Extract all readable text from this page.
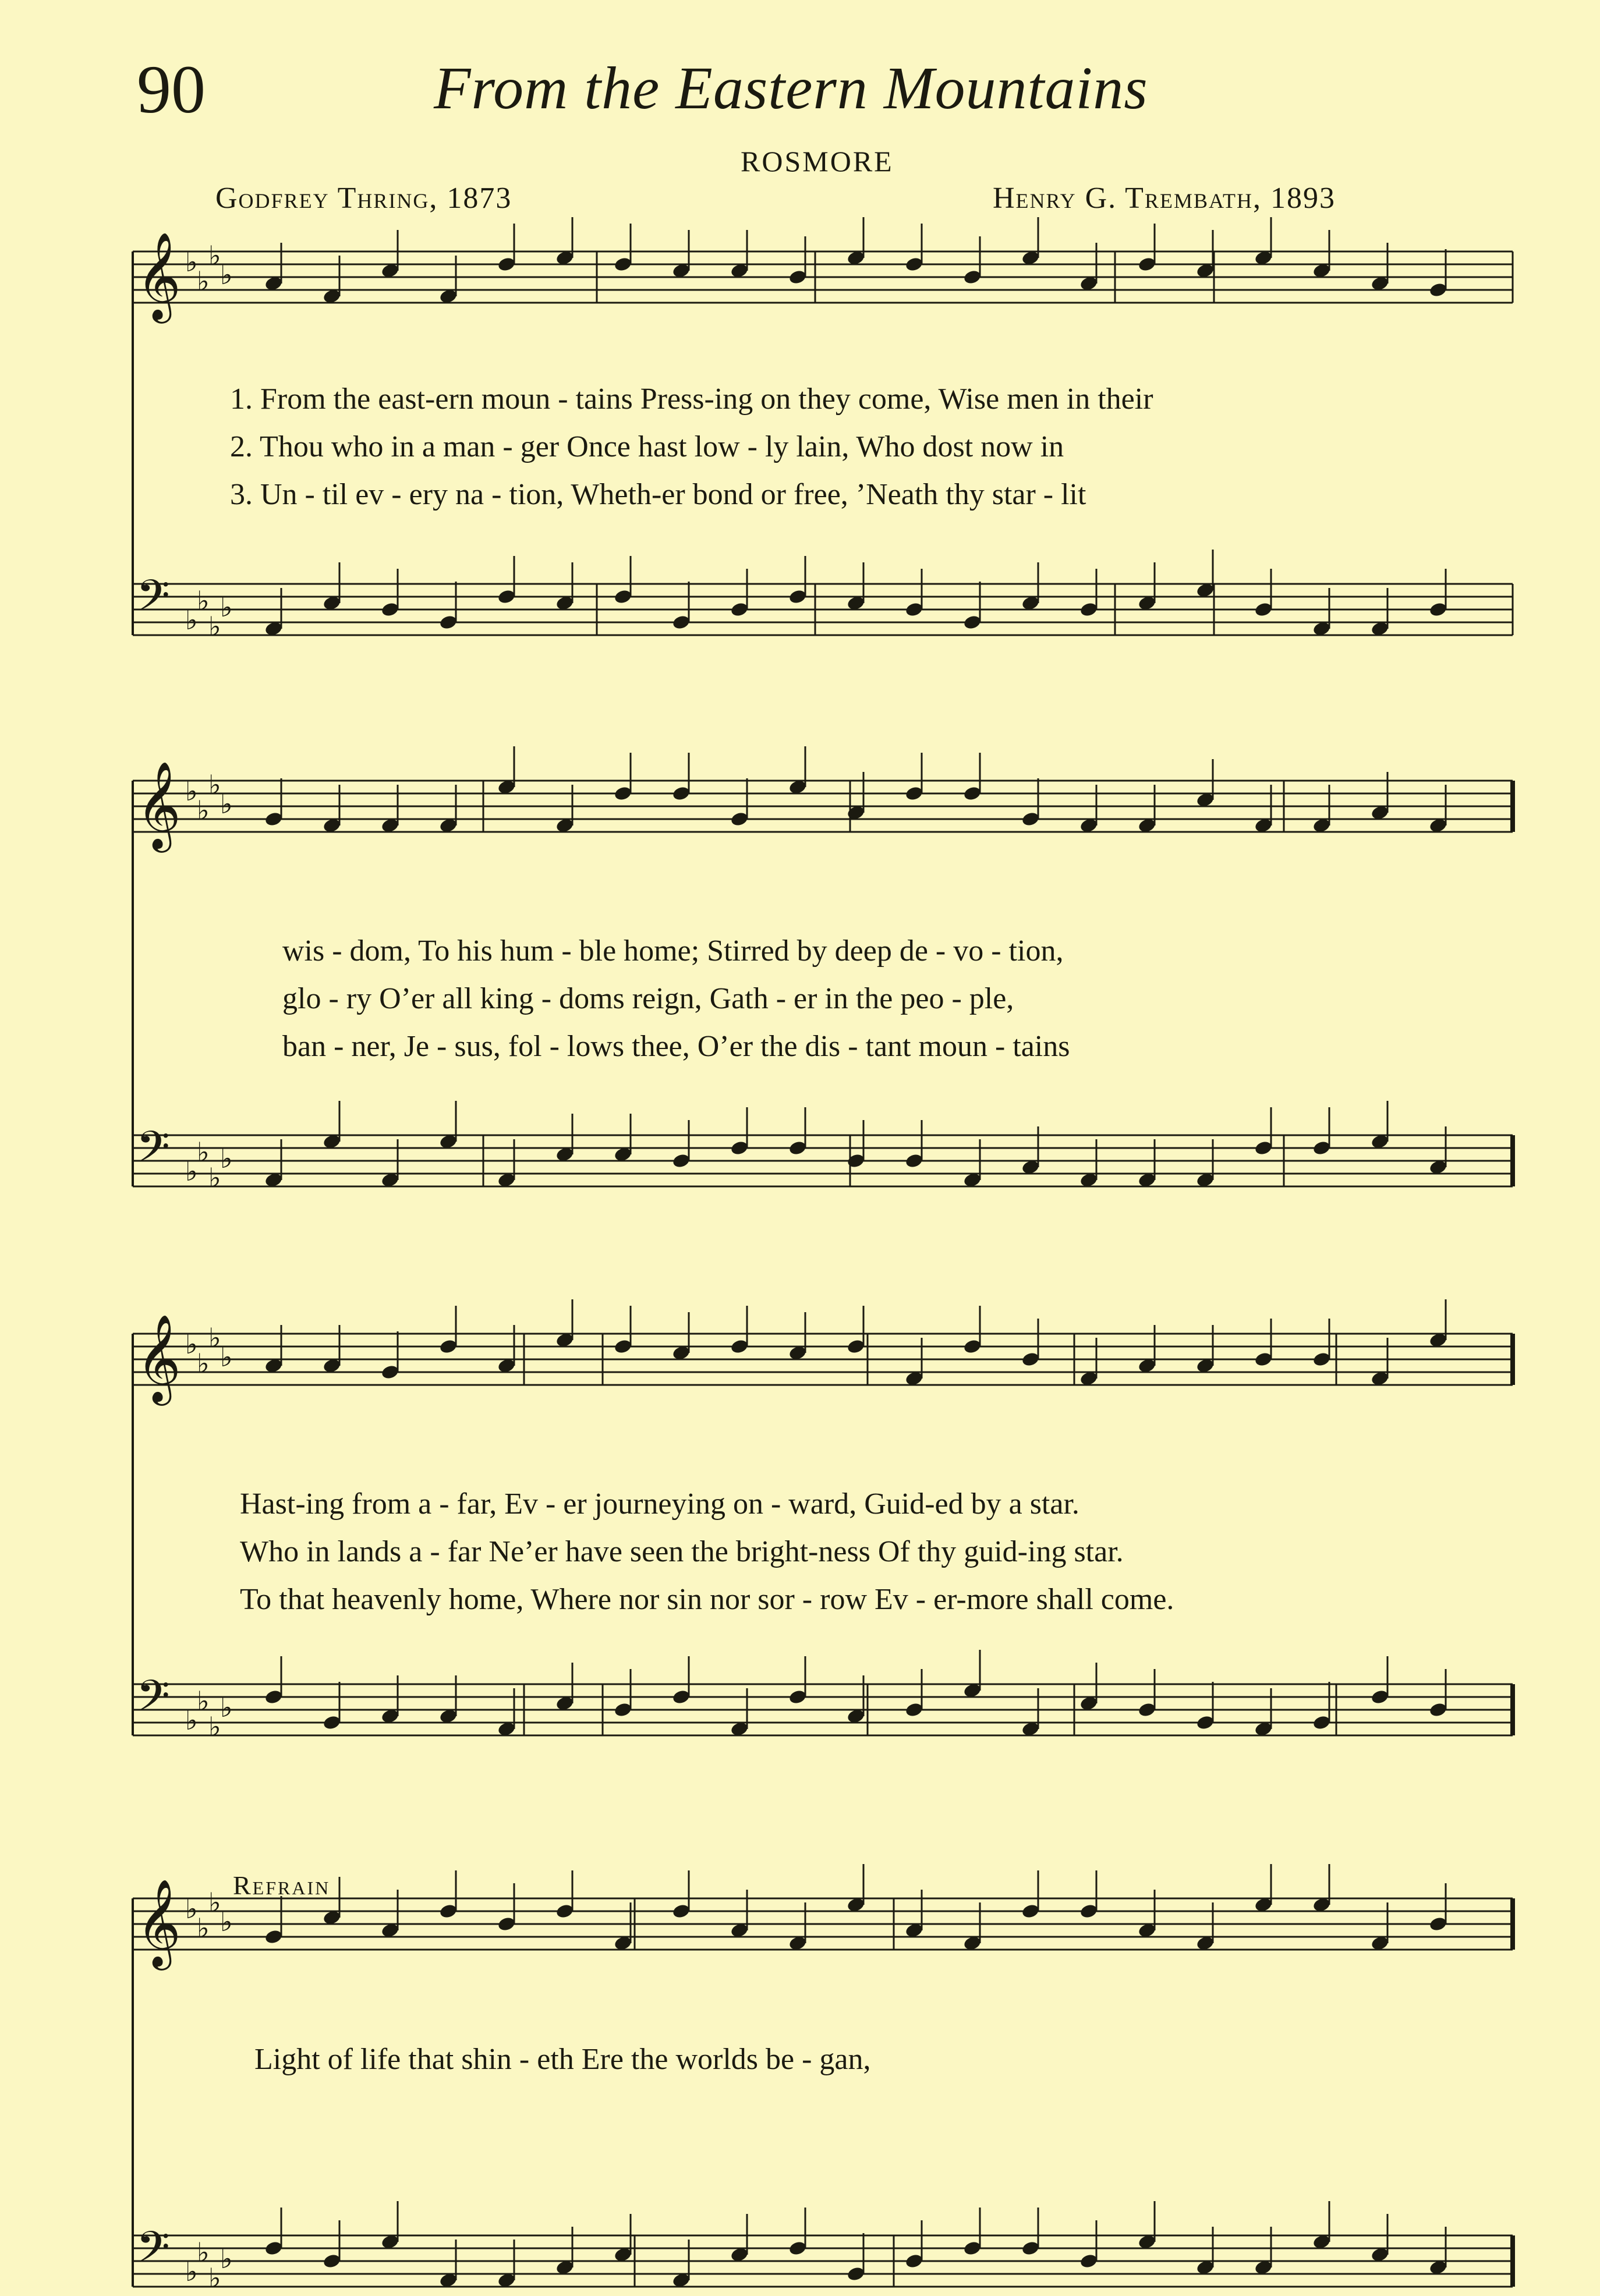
90	From the Eastern Mountains
ROSMORE
Godfrey Thring, 1873	Henry G. Trembath, 1893
Refrain
𝄞 ♭
♭
♭
♭
𝄢 ♭
♭
♭
♭
𝄞 ♭
♭
♭
♭
𝄢 ♭
♭
♭
♭
𝄞 ♭
♭
♭
♭
𝄢 ♭
♭
♭
♭
𝄞 ♭
♭
♭
♭
𝄢 ♭
♭
♭
♭
1. From the east-ern moun - tains Press-ing on they come, Wise men in their
2. Thou who in a man - ger Once hast low - ly lain, Who dost now in
3. Un - til ev - ery na - tion, Wheth-er bond or free, ’Neath thy star - lit
wis - dom, To his hum - ble home; Stirred by deep de - vo - tion,
glo - ry O’er all king - doms reign, Gath - er in the peo - ple,
ban - ner, Je - sus, fol - lows thee, O’er the dis - tant moun - tains
Hast-ing from a - far, Ev - er journeying on - ward, Guid-ed by a star.
Who in lands a - far Ne’er have seen the bright-ness Of thy guid-ing star.
To that heavenly home, Where nor sin nor sor - row Ev - er-more shall come.
Light of life that shin - eth Ere the worlds be - gan,
